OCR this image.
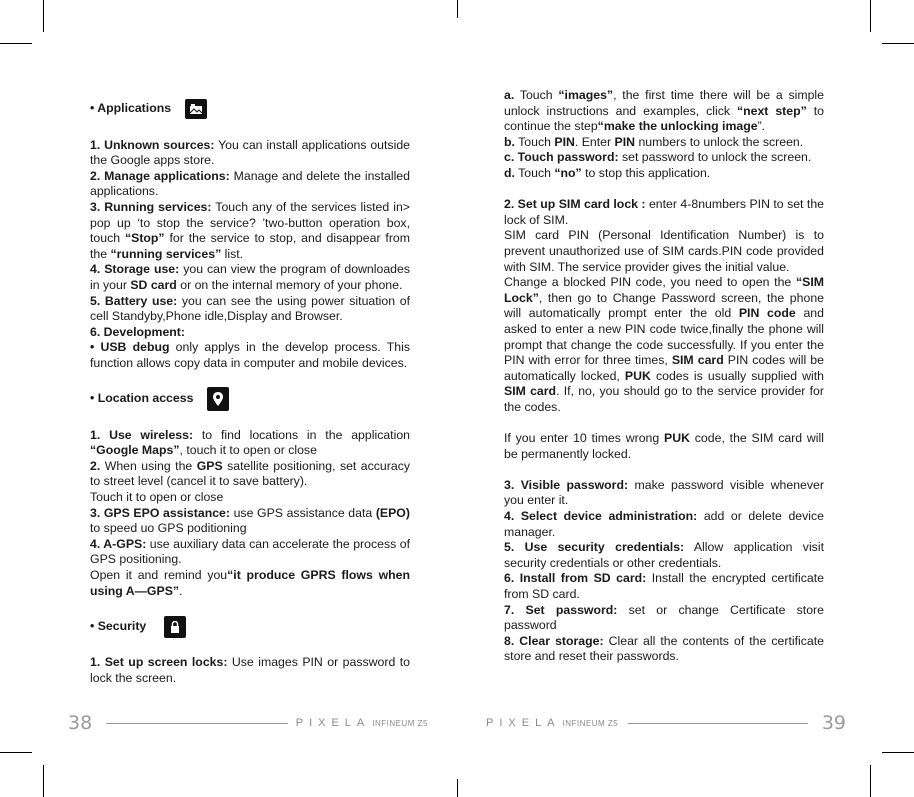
• Applications

1. Unknown sources: You can install applications outside the Google apps store.

2. Manage applications: Manage and delete the installed applications.

3. Running services: Touch any of the services listed in> pop up ‘to stop the service? ’two-button operation box, touch “Stop” for the service to stop, and disappear from the “running services” list.

4. Storage use: you can view the program of downloades in your SD card or on the internal memory of your phone.

5. Battery use: you can see the using power situation of cell Standyby,Phone idle,Display and Browser.

6. Development:

• USB debug only applys in the develop process. This function allows copy data in computer and mobile devices.

• Location access

1. Use wireless: to find locations in the application “Google Maps”, touch it to open or close

2. When using the GPS satellite positioning, set accuracy to street level (cancel it to save battery).

Touch it to open or close

3. GPS EPO assistance: use GPS assistance data (EPO) to speed uo GPS poditioning

4. A-GPS: use auxiliary data can accelerate the process of GPS positioning.

Open it and remind you“it produce GPRS flows when using A—GPS”.

• Security

1. Set up screen locks: Use images PIN or password to lock the screen.

a. Touch “images”, the first time there will be a simple unlock instructions and examples, click “next step” to continue the step“make the unlocking image”.

b. Touch PIN. Enter PIN numbers to unlock the screen.

c. Touch password: set password to unlock the screen.

d. Touch “no” to stop this application.

2. Set up SIM card lock : enter 4-8numbers PIN to set the lock of SIM.

SIM card PIN (Personal Identification Number) is to prevent unauthorized use of SIM cards.PIN code provided with SIM. The service provider gives the initial value.

Change a blocked PIN code, you need to open the “SIM Lock”, then go to Change Password screen, the phone will automatically prompt enter the old PIN code and asked to enter a new PIN code twice,finally the phone will prompt that change the code successfully. If you enter the PIN with error for three times, SIM card PIN codes will be automatically locked, PUK codes is usually supplied with SIM card. If, no, you should go to the service provider for the codes.

If you enter 10 times wrong PUK code, the SIM card will be permanently locked.

3. Visible password: make password visible whenever you enter it.

4. Select device administration: add or delete device manager.

5. Use security credentials: Allow application visit security credentials or other credentials.

6. Install from SD card: Install the encrypted certificate from SD card.

7. Set password: set or change Certificate store password

8. Clear storage: Clear all the contents of the certificate store and reset their passwords.

38	PIXELA INFINEUM Z5	PIXELA INFINEUM Z5	39
